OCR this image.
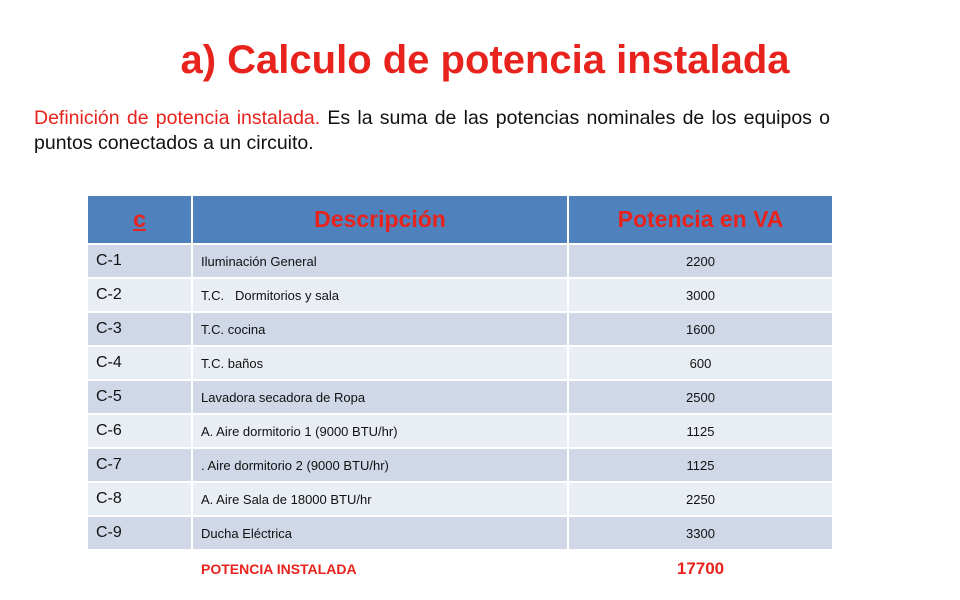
a) Calculo de potencia instalada

Definición de potencia instalada. Es la suma de las potencias nominales de los equipos o puntos conectados a un circuito.

c	Descripción	Potencia en VA
C-1	Iluminación General	2200
C-2	T.C.   Dormitorios y sala	3000
C-3	T.C. cocina	1600
C-4	T.C. baños	600
C-5	Lavadora secadora de Ropa	2500
C-6	A. Aire dormitorio 1 (9000 BTU/hr)	1125
C-7	. Aire dormitorio 2 (9000 BTU/hr)	1125
C-8	A. Aire Sala de 18000 BTU/hr	2250
C-9	Ducha Eléctrica	3300
	POTENCIA INSTALADA	17700
